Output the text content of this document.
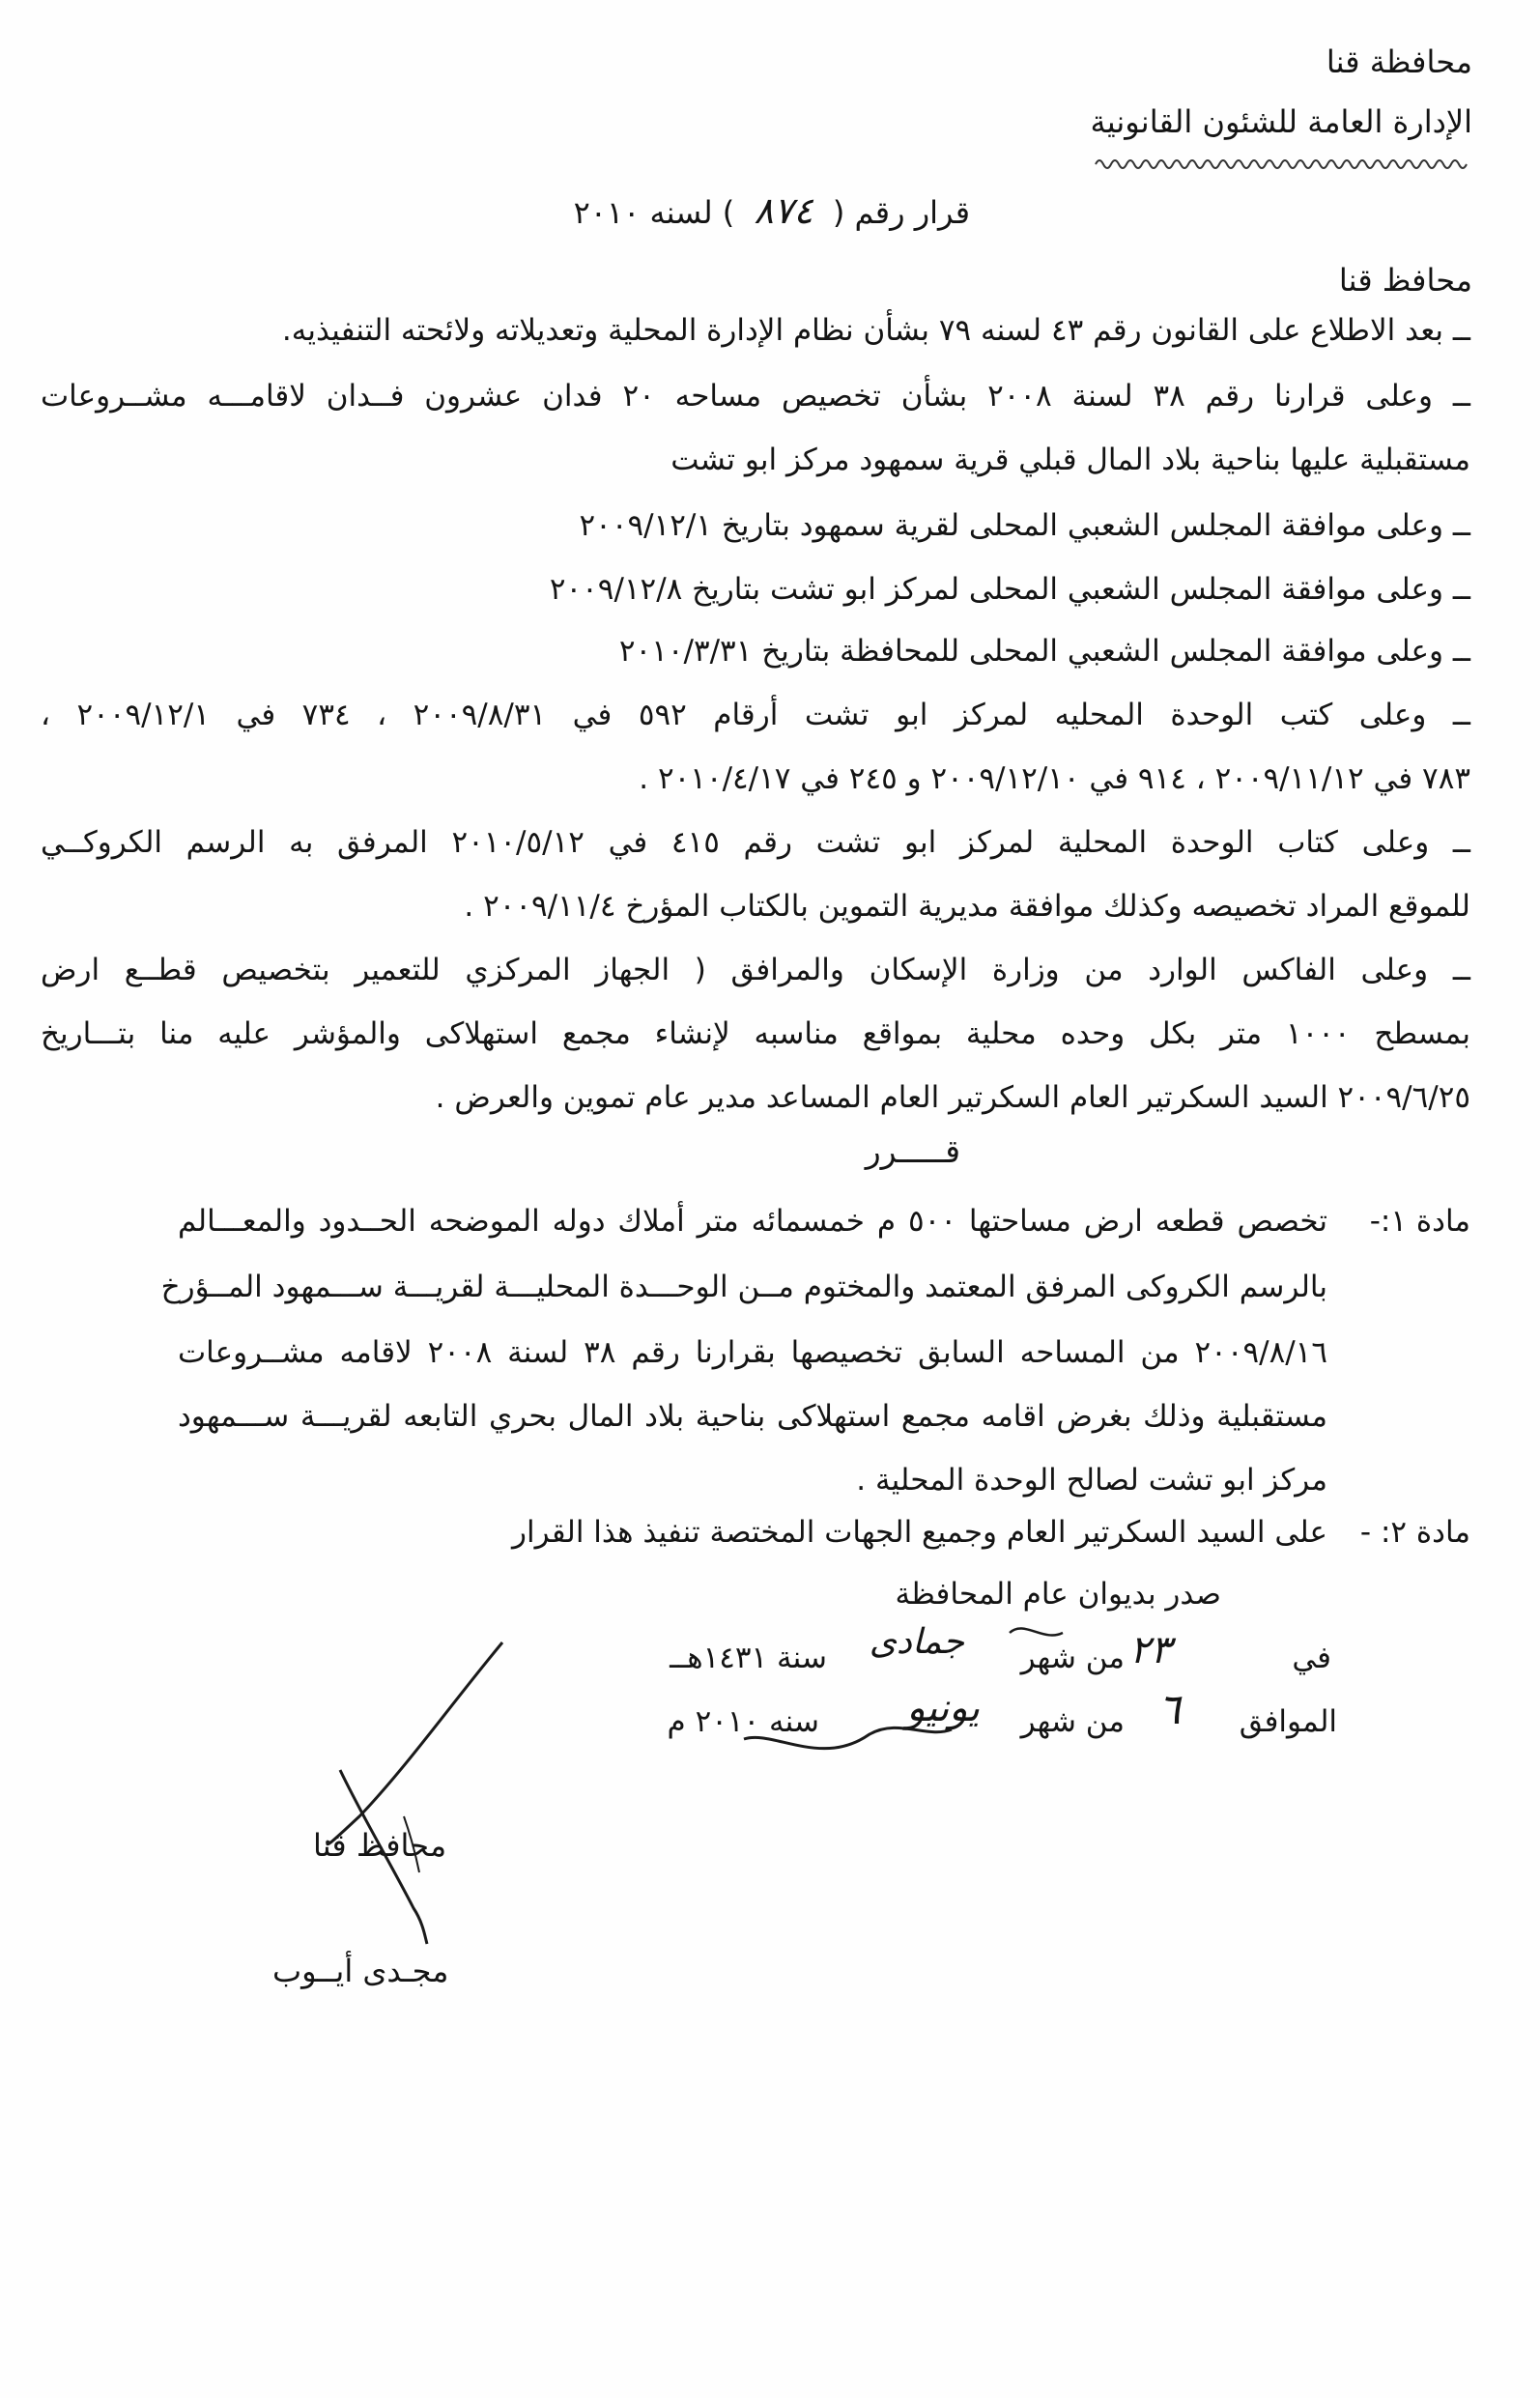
محافظة قنا
الإدارة العامة للشئون القانونية
قرار رقم ( ٨٧٤ ) لسنه ٢٠١٠
محافظ قنا
ــ بعد الاطلاع على القانون رقم ٤٣ لسنه ٧٩ بشأن نظام الإدارة المحلية وتعديلاته ولائحته التنفيذيه.
ــ وعلى قرارنا رقم ٣٨ لسنة ٢٠٠٨ بشأن تخصيص مساحه ٢٠ فدان عشرون فــدان لاقامـــه مشــروعات
مستقبلية عليها بناحية بلاد المال قبلي قرية سمهود مركز ابو تشت
ــ وعلى موافقة المجلس الشعبي المحلى لقرية سمهود بتاريخ ٢٠٠٩/١٢/١
ــ وعلى موافقة المجلس الشعبي المحلى لمركز ابو تشت بتاريخ ٢٠٠٩/١٢/٨
ــ وعلى موافقة المجلس الشعبي المحلى للمحافظة بتاريخ ٢٠١٠/٣/٣١
ــ وعلى كتب الوحدة المحليه لمركز ابو تشت أرقام ٥٩٢ في ٢٠٠٩/٨/٣١ ، ٧٣٤ في ٢٠٠٩/١٢/١ ،
٧٨٣ في ٢٠٠٩/١١/١٢ ، ٩١٤ في ٢٠٠٩/١٢/١٠ و ٢٤٥ في ٢٠١٠/٤/١٧ .
ــ وعلى كتاب الوحدة المحلية لمركز ابو تشت رقم ٤١٥ في ٢٠١٠/٥/١٢ المرفق به الرسم الكروكــي
للموقع المراد تخصيصه وكذلك موافقة مديرية التموين بالكتاب المؤرخ ٢٠٠٩/١١/٤ .
ــ وعلى الفاكس الوارد من وزارة الإسكان والمرافق ( الجهاز المركزي للتعمير بتخصيص قطــع ارض
بمسطح ١٠٠٠ متر بكل وحده محلية بمواقع مناسبه لإنشاء مجمع استهلاكى والمؤشر عليه منا بتـــاريخ
٢٠٠٩/٦/٢٥ السيد السكرتير العام السكرتير العام المساعد مدير عام تموين والعرض .
قـــــرر
مادة ١:-
تخصص قطعه ارض مساحتها ٥٠٠ م خمسمائه متر أملاك دوله الموضحه الحــدود والمعـــالم
بالرسم الكروكى المرفق المعتمد والمختوم مــن الوحـــدة المحليـــة لقريـــة ســـمهود المــؤرخ
٢٠٠٩/٨/١٦ من المساحه السابق تخصيصها بقرارنا رقم ٣٨ لسنة ٢٠٠٨ لاقامه مشــروعات
مستقبلية وذلك بغرض اقامه مجمع استهلاكى بناحية بلاد المال بحري التابعه لقريـــة ســـمهود
مركز ابو تشت لصالح الوحدة المحلية .
مادة ٢: -
على السيد السكرتير العام وجميع الجهات المختصة تنفيذ هذا القرار
صدر بديوان عام المحافظة
في
٢٣
من شهر
جمادى
سنة ١٤٣١هــ
الموافق
٦
من شهر
يونيو
سنه ٢٠١٠ م
محافظ قنا
مجـدى أيــوب
